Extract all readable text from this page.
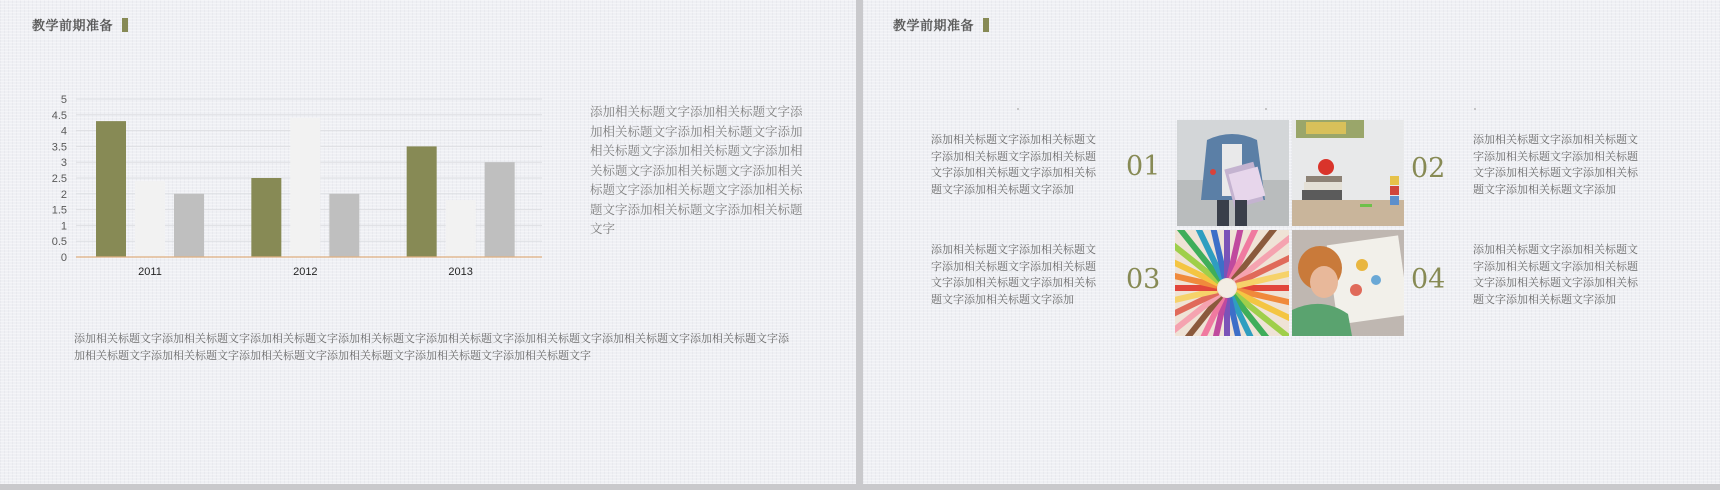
教学前期准备
0
0.5
1
1.5
2
2.5
3
3.5
4
4.5
5
2011	2012	2013
添加相关标题文字添加相关标题文字添加相关标题文字添加相关标题文字添加相关标题文字添加相关标题文字添加相关标题文字添加相关标题文字添加相关标题文字添加相关标题文字添加相关标题文字添加相关标题文字添加相关标题文字
添加相关标题文字添加相关标题文字添加相关标题文字添加相关标题文字添加相关标题文字添加相关标题文字添加相关标题文字添加相关标题文字添加相关标题文字添加相关标题文字添加相关标题文字添加相关标题文字添加相关标题文字添加相关标题文字
教学前期准备
添加相关标题文字添加相关标题文字添加相关标题文字添加相关标题文字添加相关标题文字添加相关标题文字添加相关标题文字添加
01
添加相关标题文字添加相关标题文字添加相关标题文字添加相关标题文字添加相关标题文字添加相关标题文字添加相关标题文字添加
03
02
添加相关标题文字添加相关标题文字添加相关标题文字添加相关标题文字添加相关标题文字添加相关标题文字添加相关标题文字添加
04
添加相关标题文字添加相关标题文字添加相关标题文字添加相关标题文字添加相关标题文字添加相关标题文字添加相关标题文字添加
